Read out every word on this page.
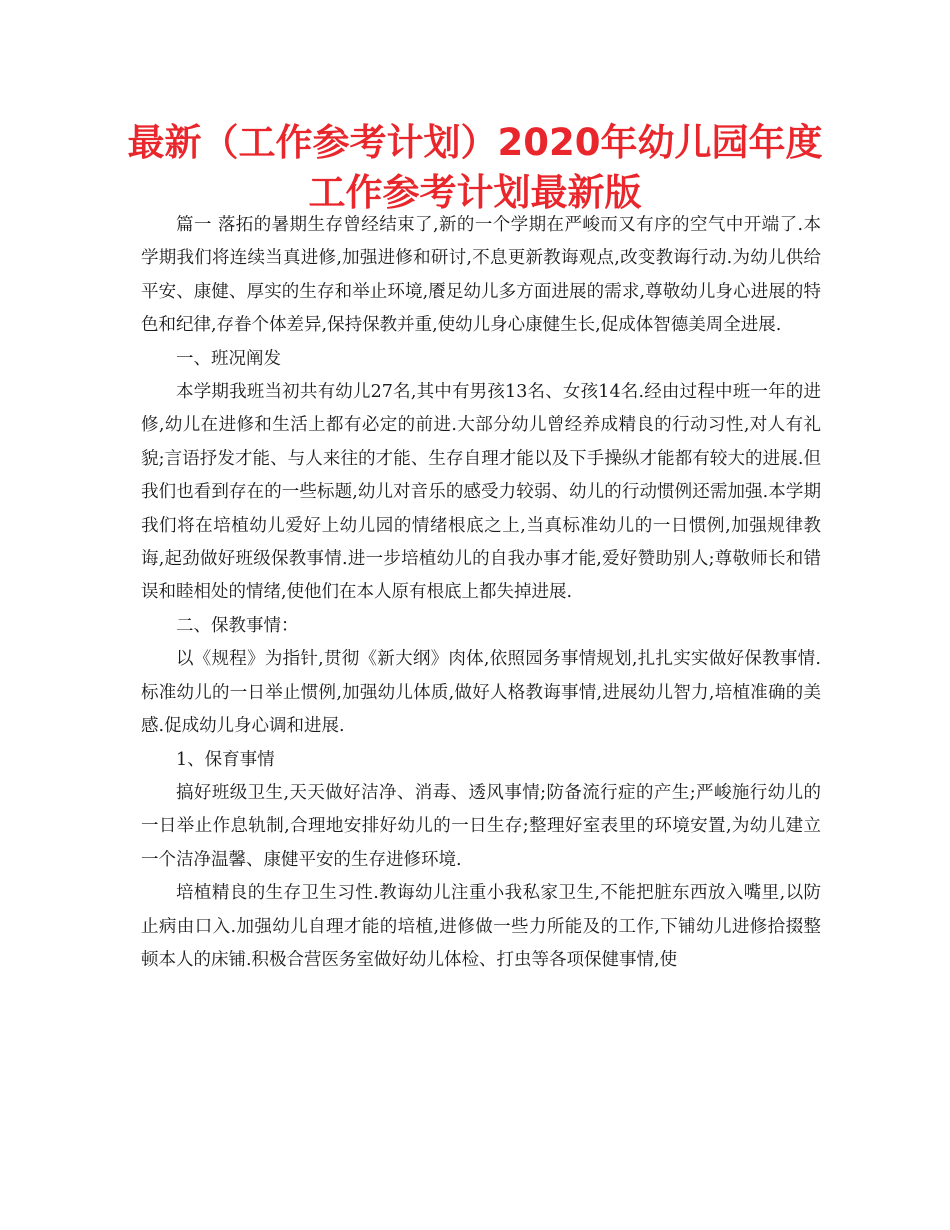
最新（工作参考计划）2020年幼儿园年度工作参考计划最新版

篇一 落拓的暑期生存曾经结束了,新的一个学期在严峻而又有序的空气中开端了.本学期我们将连续当真进修,加强进修和研讨,不息更新教诲观点,改变教诲行动.为幼儿供给平安、康健、厚实的生存和举止环境,餍足幼儿多方面进展的需求,尊敬幼儿身心进展的特色和纪律,存眷个体差异,保持保教并重,使幼儿身心康健生长,促成体智德美周全进展.

一、班况阐发

本学期我班当初共有幼儿27名,其中有男孩13名、女孩14名.经由过程中班一年的进修,幼儿在进修和生活上都有必定的前进.大部分幼儿曾经养成精良的行动习性,对人有礼貌;言语抒发才能、与人来往的才能、生存自理才能以及下手操纵才能都有较大的进展.但我们也看到存在的一些标题,幼儿对音乐的感受力较弱、幼儿的行动惯例还需加强.本学期我们将在培植幼儿爱好上幼儿园的情绪根底之上,当真标准幼儿的一日惯例,加强规律教诲,起劲做好班级保教事情.进一步培植幼儿的自我办事才能,爱好赞助别人;尊敬师长和错误和睦相处的情绪,使他们在本人原有根底上都失掉进展.

二、保教事情：

以《规程》为指针,贯彻《新大纲》肉体,依照园务事情规划,扎扎实实做好保教事情.标准幼儿的一日举止惯例,加强幼儿体质,做好人格教诲事情,进展幼儿智力,培植准确的美感.促成幼儿身心调和进展.

1、保育事情

搞好班级卫生,天天做好洁净、消毒、透风事情;防备流行症的产生;严峻施行幼儿的一日举止作息轨制,合理地安排好幼儿的一日生存;整理好室表里的环境安置,为幼儿建立一个洁净温馨、康健平安的生存进修环境.

培植精良的生存卫生习性.教诲幼儿注重小我私家卫生,不能把脏东西放入嘴里,以防止病由口入.加强幼儿自理才能的培植,进修做一些力所能及的工作,下铺幼儿进修拾掇整顿本人的床铺.积极合营医务室做好幼儿体检、打虫等各项保健事情,使
